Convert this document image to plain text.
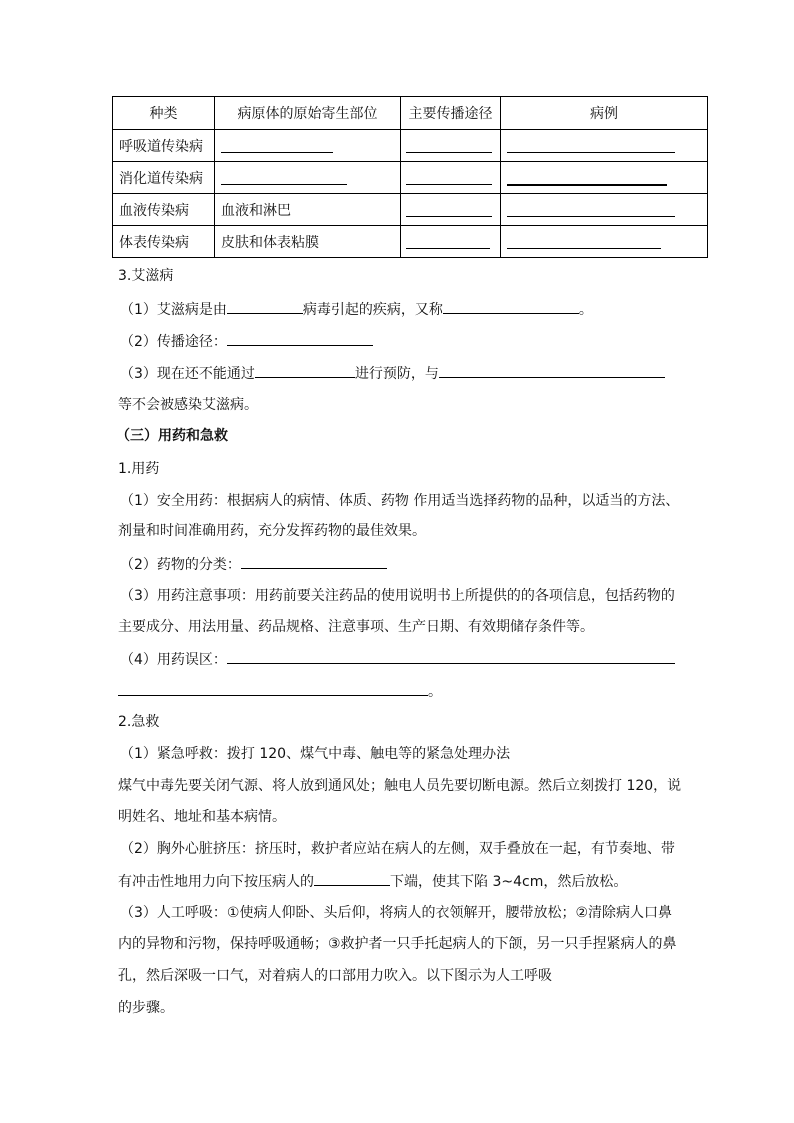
种类	病原体的原始寄生部位	主要传播途径	病例
呼吸道传染病	

消化道传染病	

血液传染病	血液和淋巴	

体表传染病	皮肤和体表粘膜	

3.艾滋病
（1）艾滋病是由	病毒引起的疾病，又称	。
（2）传播途径：
（3）现在还不能通过	进行预防，与
等不会被感染艾滋病。
（三）用药和急救
1.用药
（1）安全用药：根据病人的病情、体质、药物 作用适当选择药物的品种，以适当的方法、
剂量和时间准确用药，充分发挥药物的最佳效果。
（2）药物的分类：
（3）用药注意事项：用药前要关注药品的使用说明书上所提供的的各项信息，包括药物的
主要成分、用法用量、药品规格、注意事项、生产日期、有效期储存条件等。
（4）用药误区：
。
2.急救
（1）紧急呼救：拨打 120、煤气中毒、触电等的紧急处理办法
煤气中毒先要关闭气源、将人放到通风处；触电人员先要切断电源。然后立刻拨打 120，说
明姓名、地址和基本病情。
（2）胸外心脏挤压：挤压时，救护者应站在病人的左侧，双手叠放在一起，有节奏地、带
有冲击性地用力向下按压病人的	下端，使其下陷 3~4cm，然后放松。
（3）人工呼吸：①使病人仰卧、头后仰，将病人的衣领解开，腰带放松；②清除病人口鼻
内的异物和污物，保持呼吸通畅；③救护者一只手托起病人的下颌，另一只手捏紧病人的鼻
孔，然后深吸一口气，对着病人的口部用力吹入。以下图示为人工呼吸
的步骤。
